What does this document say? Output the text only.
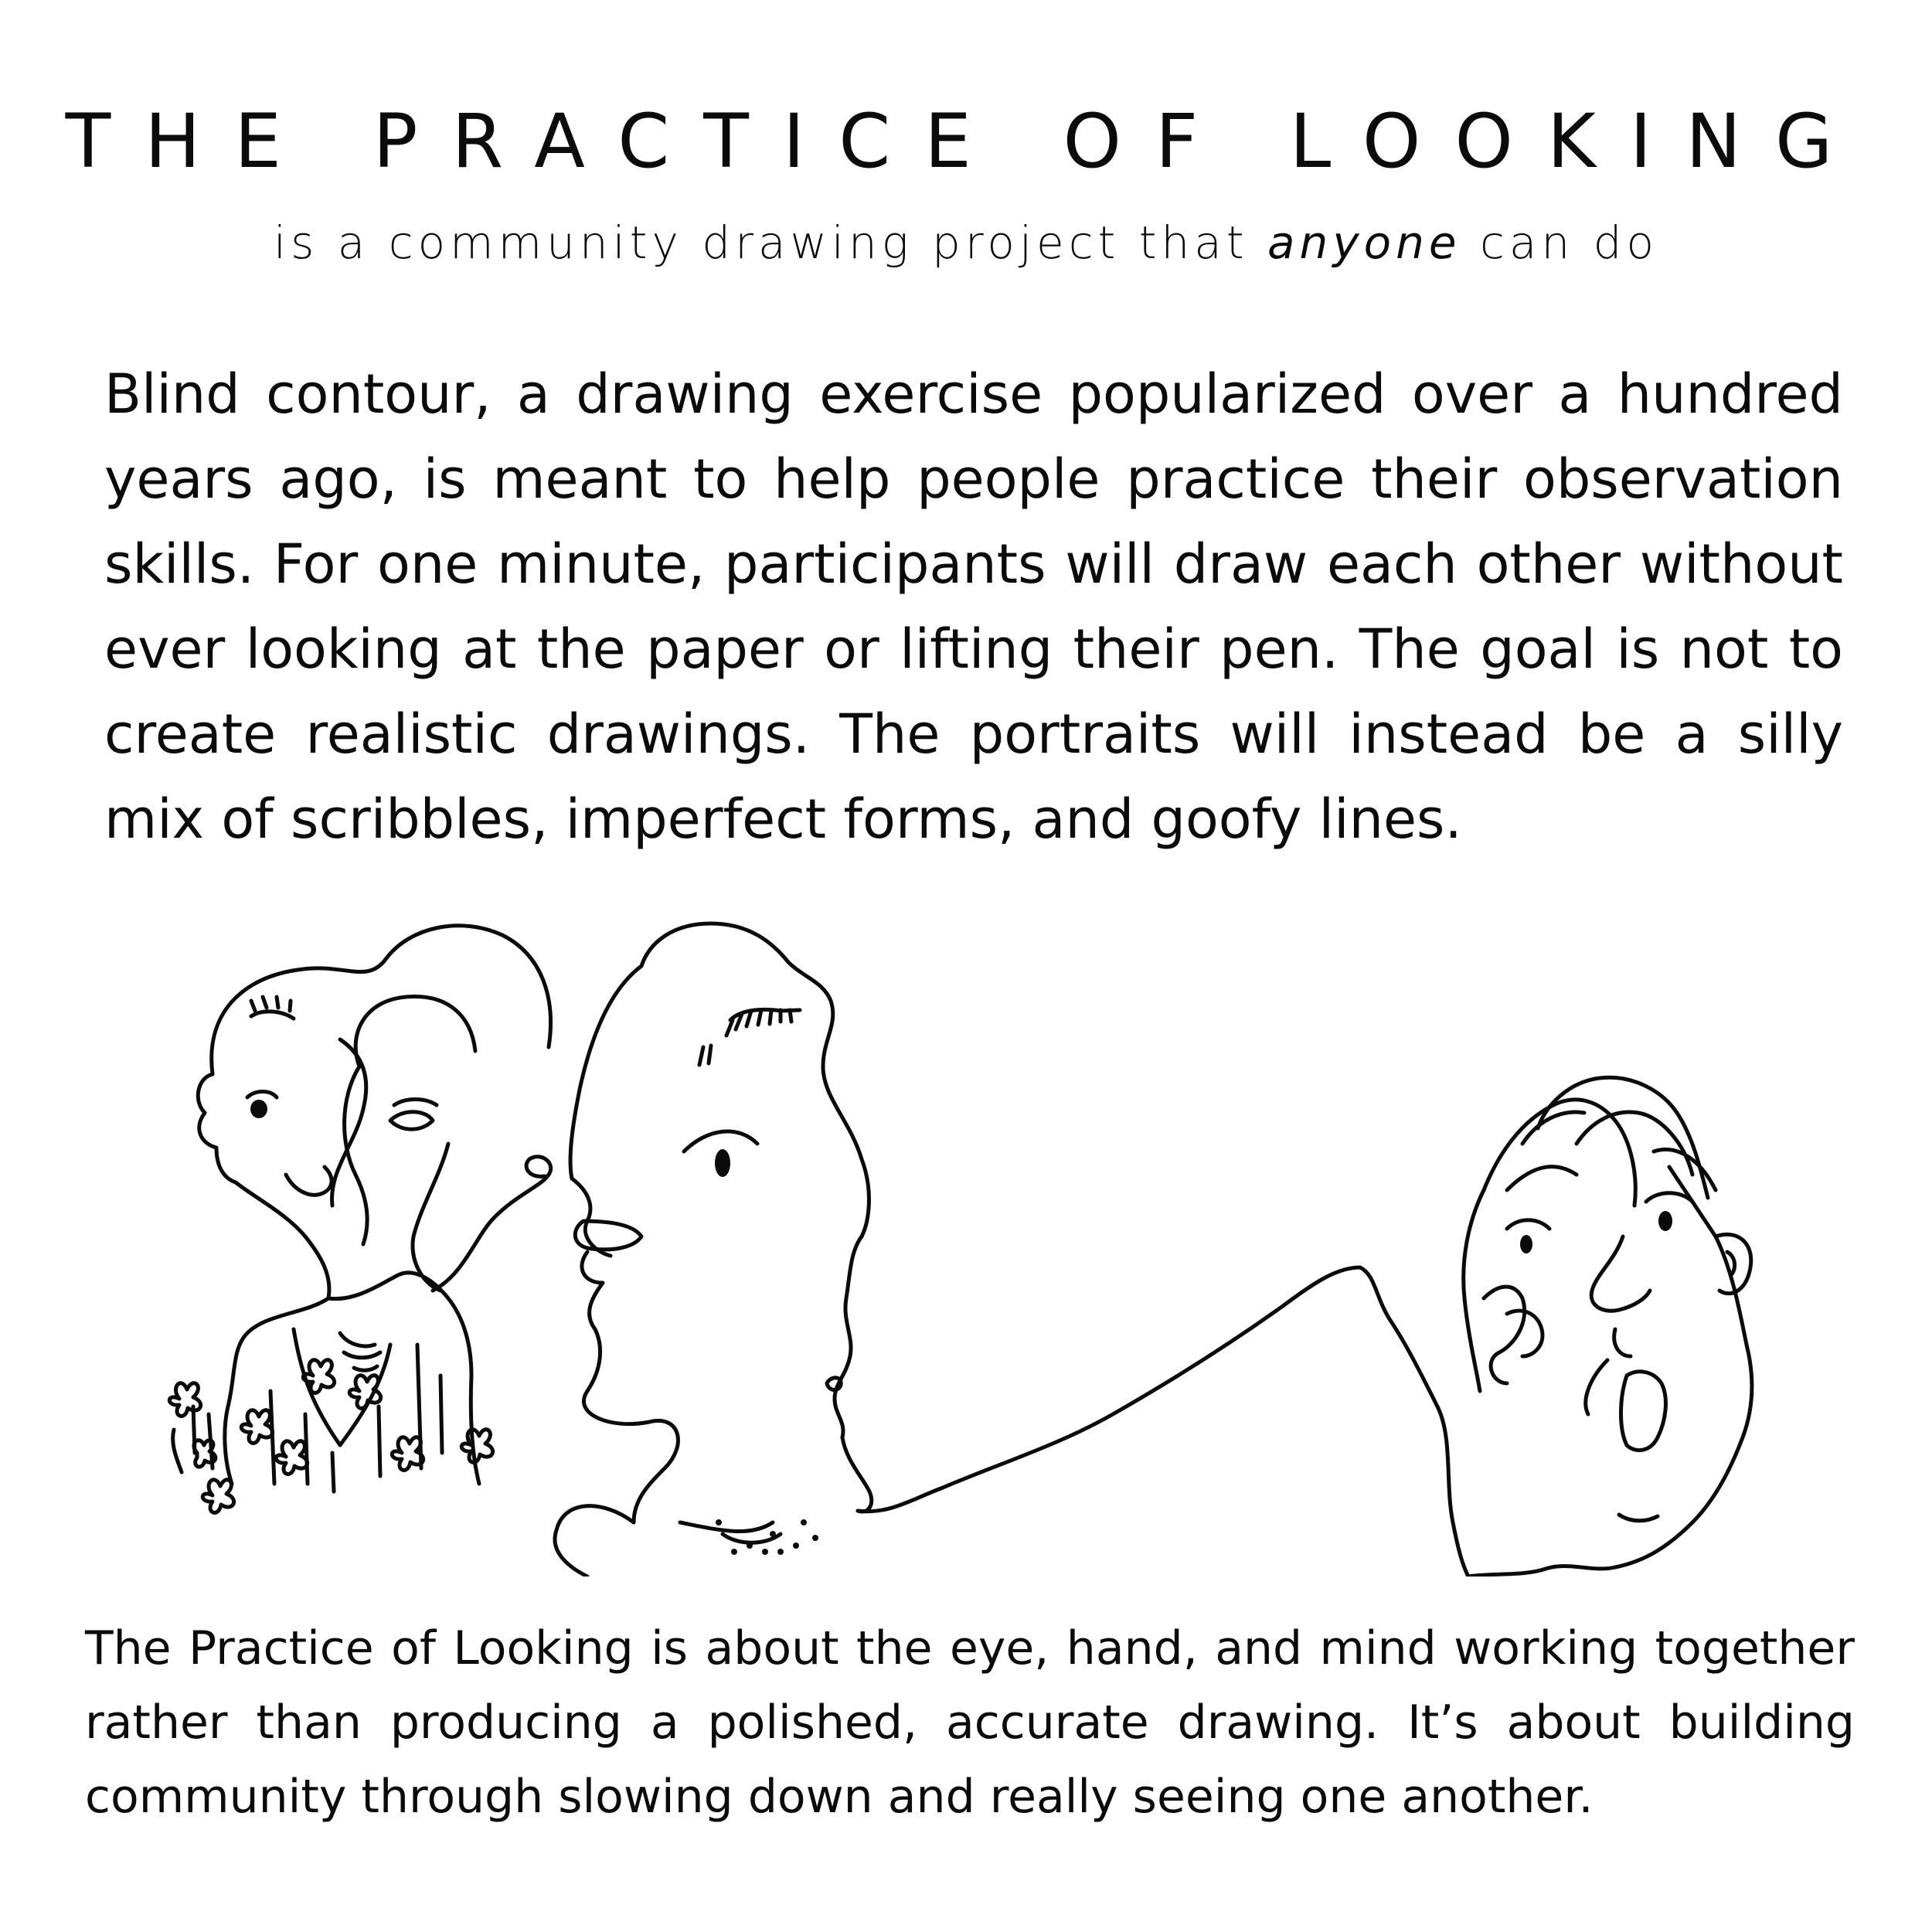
THE PRACTICE OF LOOKING

is a community drawing project that anyone can do

Blind contour, a drawing exercise popularized over a hundred years ago, is meant to help people practice their observation skills. For one minute, participants will draw each other without ever looking at the paper or lifting their pen. The goal is not to create realistic drawings. The portraits will instead be a silly mix of scribbles, imperfect forms, and goofy lines.

The Practice of Looking is about the eye, hand, and mind working together rather than producing a polished, accurate drawing. It’s about building community through slowing down and really seeing one another.
